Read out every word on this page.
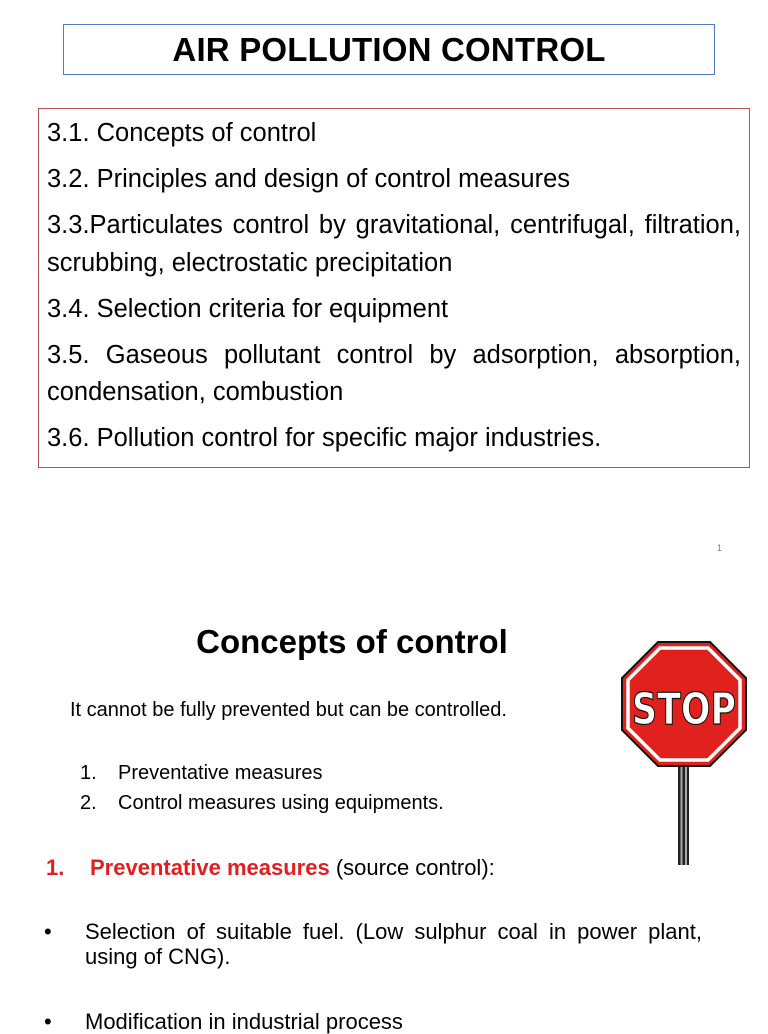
AIR POLLUTION CONTROL
3.1. Concepts of control
3.2. Principles and design of control measures
3.3.Particulates control by gravitational, centrifugal, filtration, scrubbing, electrostatic precipitation
3.4. Selection criteria for equipment
3.5. Gaseous pollutant control by adsorption, absorption, condensation, combustion
3.6. Pollution control for specific major industries.
1
Concepts of control
It cannot be fully prevented but can be controlled.
1.	Preventative measures
2.	Control measures using equipments.
1.	Preventative measures (source control):
•	Selection of suitable fuel. (Low sulphur coal in power plant, using of CNG).
•	Modification in industrial process
STOP
